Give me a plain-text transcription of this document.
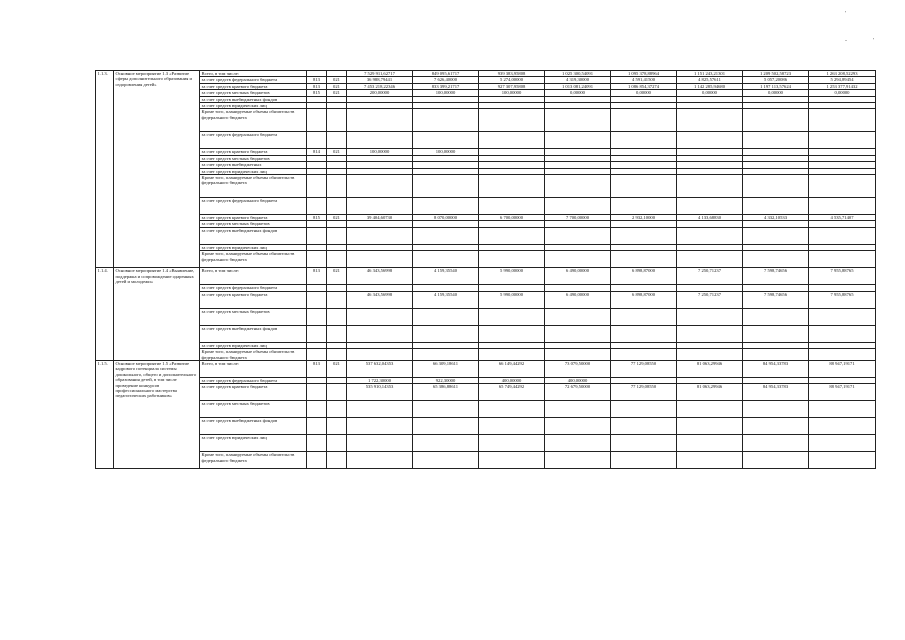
'
'
-
1.1.3.	Основное мероприятие 1.3 «Развитие сферы дополнительного образования и оздоровления детей»	Всего, в том числе:			7 529 911,62717	849 095,61717	939 383,95808	1 025 300,54091	1 095 378,88964	1 151 243,21301	1 209 502,58723	1 263 208,52293
		за счет средств федерального бюджета	813	021	36 988,79441	7 626,40000	5 274,00000	4 319,30000	4 591,41500	4 825,57611	5 057,20086	5 294,89454
		за счет средств краевого бюджета	813	021	7 453 218,22346	833 399,21717	927 307,95808	1 013 081,24091	1 086 854,37274	1 142 285,94680	1 197 113,57624	1 253 377,91432
		за счет средств местных бюджетов	815	021	200,00000	100,00000	100,00000	0,00000	0,00000	0,00000	0,00000	0,00000
		за счет средств внебюджетных фондов										
		за счет средств юридических лиц										
		Кроме того, планируемые объемы обязательств федерального бюджета										
		за счет средств федерального бюджета										
		за счет средств краевого бюджета	814	021	100,00000	100,00000						
		за счет средств местных бюджетов										
		за счет средств внебюджетных										
		за счет средств юридических лиц										
		Кроме того, планируемые объемы обязательств федерального бюджета										
		за счет средств федерального бюджета										
		за счет средств краевого бюджета	815	021	39 404,60730	8 070,00000	6 700,00000	7 700,00000	2 932,10000	4 133,68830	4 332,10533	4 535,71407
		за счет средств местных бюджетов										
		за счет средств внебюджетных фондов										
		за счет средств юридических лиц										
		Кроме того, планируемые объемы обязательств федерального бюджета										
1.1.4.	Основное мероприятие 1.4 «Выявление, поддержка и сопровождение одаренных детей и молодежи»	Всего, в том числе:	813	021	46 343,56998	4 159,35540	5 990,00000	6 490,00000	6 898,87000	7 250,71237	7 598,74656	7 955,88765
		за счет средств федерального бюджета										
		за счет средств краевого бюджета			46 343,56998	4 159,35540	5 990,00000	6 490,00000	6 898,87000	7 250,71237	7 598,74656	7 955,88765
		за счет средств местных бюджетов										
		за счет средств внебюджетных фондов										
		за счет средств юридических лиц										
		Кроме того, планируемые объемы обязательств федерального бюджета										
1.1.5.	Основное мероприятие 1.5 «Развитие кадрового потенциала системы дошкольного, общего и дополнительного образования детей, в том числе проведение конкурсов профессионального мастерства педагогических работников»	Всего, в том числе:	813	021	537 632,04353	66 309,18611	66 149,44292	73 079,50000	77 129,08550	81 063,29946	84 954,33783	88 947,19171
		за счет средств федерального бюджета			1 722,30000	922,30000	400,00000	400,00000				
		за счет средств краевого бюджета			535 910,14353	65 386,88611	65 749,44292	72 679,50000	77 129,08550	81 063,29946	84 954,33783	88 947,19171
		за счет средств местных бюджетов										
		за счет средств внебюджетных фондов										
		за счет средств юридических лиц										
		Кроме того, планируемые объемы обязательств федерального бюджета										
